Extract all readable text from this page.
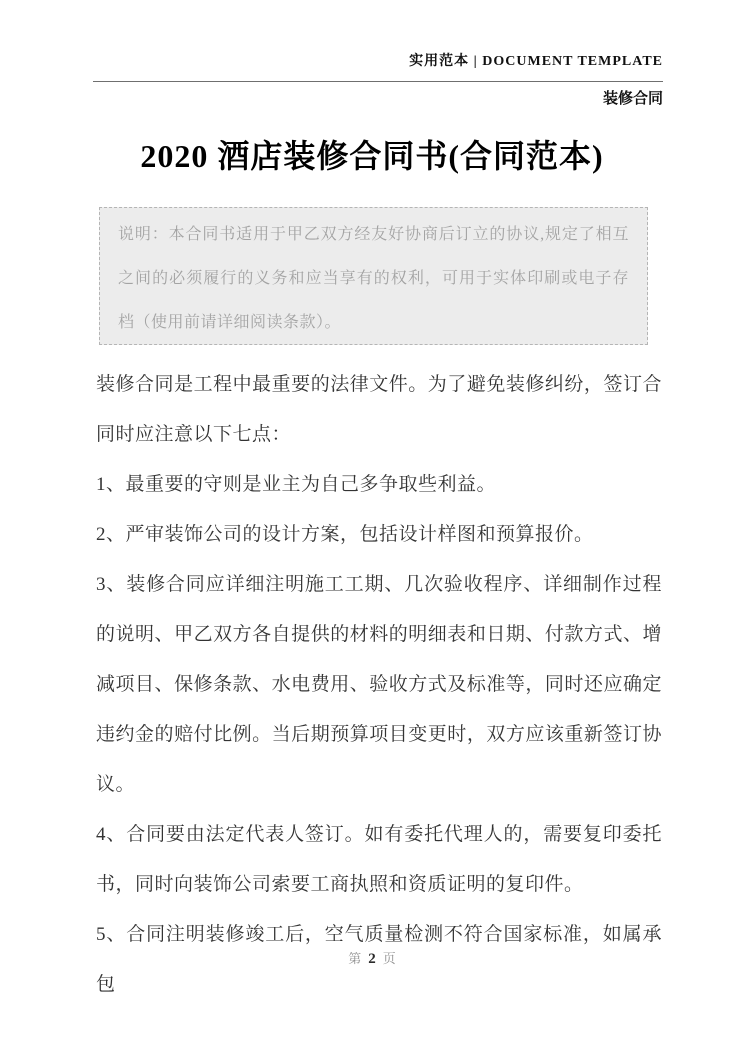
实用范本 | DOCUMENT TEMPLATE
装修合同
2020 酒店装修合同书(合同范本)

说明：本合同书适用于甲乙双方经友好协商后订立的协议,规定了相互之间的必须履行的义务和应当享有的权利，可用于实体印刷或电子存档（使用前请详细阅读条款）。

装修合同是工程中最重要的法律文件。为了避免装修纠纷，签订合同时应注意以下七点：

1、最重要的守则是业主为自己多争取些利益。

2、严审装饰公司的设计方案，包括设计样图和预算报价。

3、装修合同应详细注明施工工期、几次验收程序、详细制作过程的说明、甲乙双方各自提供的材料的明细表和日期、付款方式、增减项目、保修条款、水电费用、验收方式及标准等，同时还应确定违约金的赔付比例。当后期预算项目变更时，双方应该重新签订协议。

4、合同要由法定代表人签订。如有委托代理人的，需要复印委托书，同时向装饰公司索要工商执照和资质证明的复印件。

5、合同注明装修竣工后，空气质量检测不符合国家标准，如属承包

第 2 页
